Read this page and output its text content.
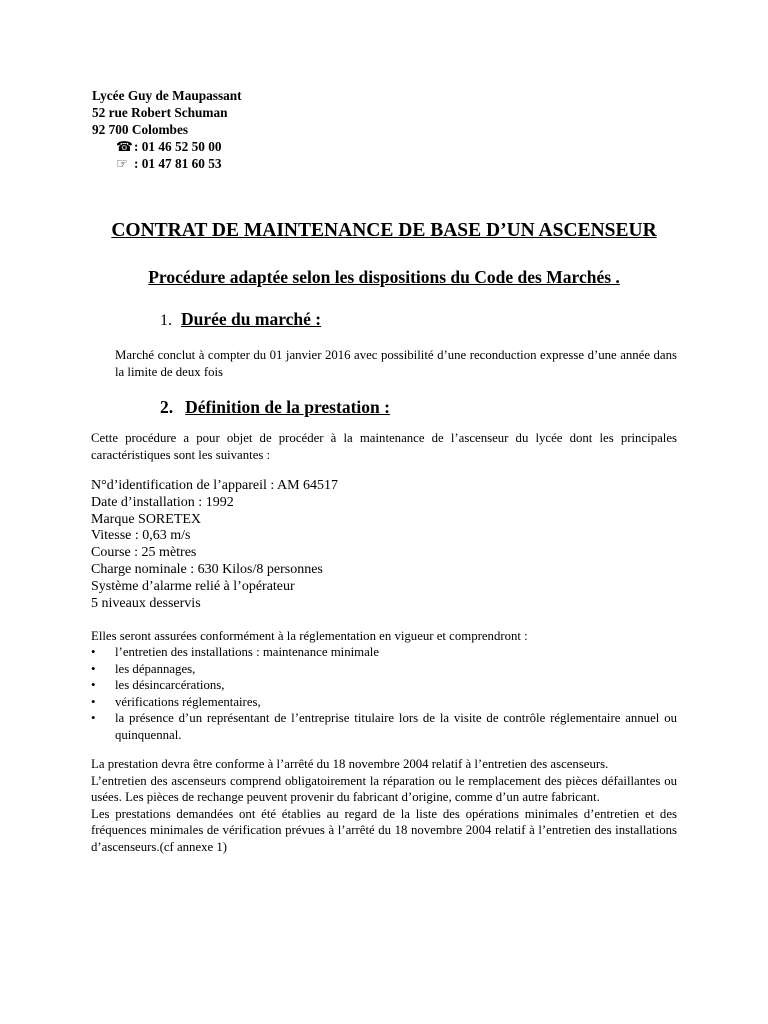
Lycée Guy de Maupassant
52 rue Robert Schuman
92 700 Colombes
☎: 01 46 52 50 00
☞ : 01 47 81 60 53
CONTRAT DE MAINTENANCE DE BASE D’UN ASCENSEUR
Procédure adaptée selon les dispositions du Code des Marchés .
1. Durée du marché :
Marché conclut à compter du 01 janvier 2016 avec possibilité d’une reconduction expresse d’une année dans la limite de deux fois
2. Définition de la prestation :
Cette procédure a pour objet de procéder à la maintenance de l’ascenseur du lycée dont les principales caractéristiques sont les suivantes :
N°d’identification de l’appareil : AM 64517
Date d’installation : 1992
Marque SORETEX
Vitesse : 0,63 m/s
Course : 25 mètres
Charge nominale : 630 Kilos/8 personnes
Système d’alarme relié à l’opérateur
5 niveaux desservis
Elles seront assurées conformément à la réglementation en vigueur et comprendront :
• l’entretien des installations : maintenance minimale
• les dépannages,
• les désincarcérations,
• vérifications réglementaires,
• la présence d’un représentant de l’entreprise titulaire lors de la visite de contrôle réglementaire annuel ou quinquennal.
La prestation devra être conforme à l’arrêté du 18 novembre 2004 relatif à l’entretien des ascenseurs.
L’entretien des ascenseurs comprend obligatoirement la réparation ou le remplacement des pièces défaillantes ou usées. Les pièces de rechange peuvent provenir du fabricant d’origine, comme d’un autre fabricant.
Les prestations demandées ont été établies au regard de la liste des opérations minimales d’entretien et des fréquences minimales de vérification prévues à l’arrêté du 18 novembre 2004 relatif à l’entretien des installations d’ascenseurs.(cf annexe 1)
